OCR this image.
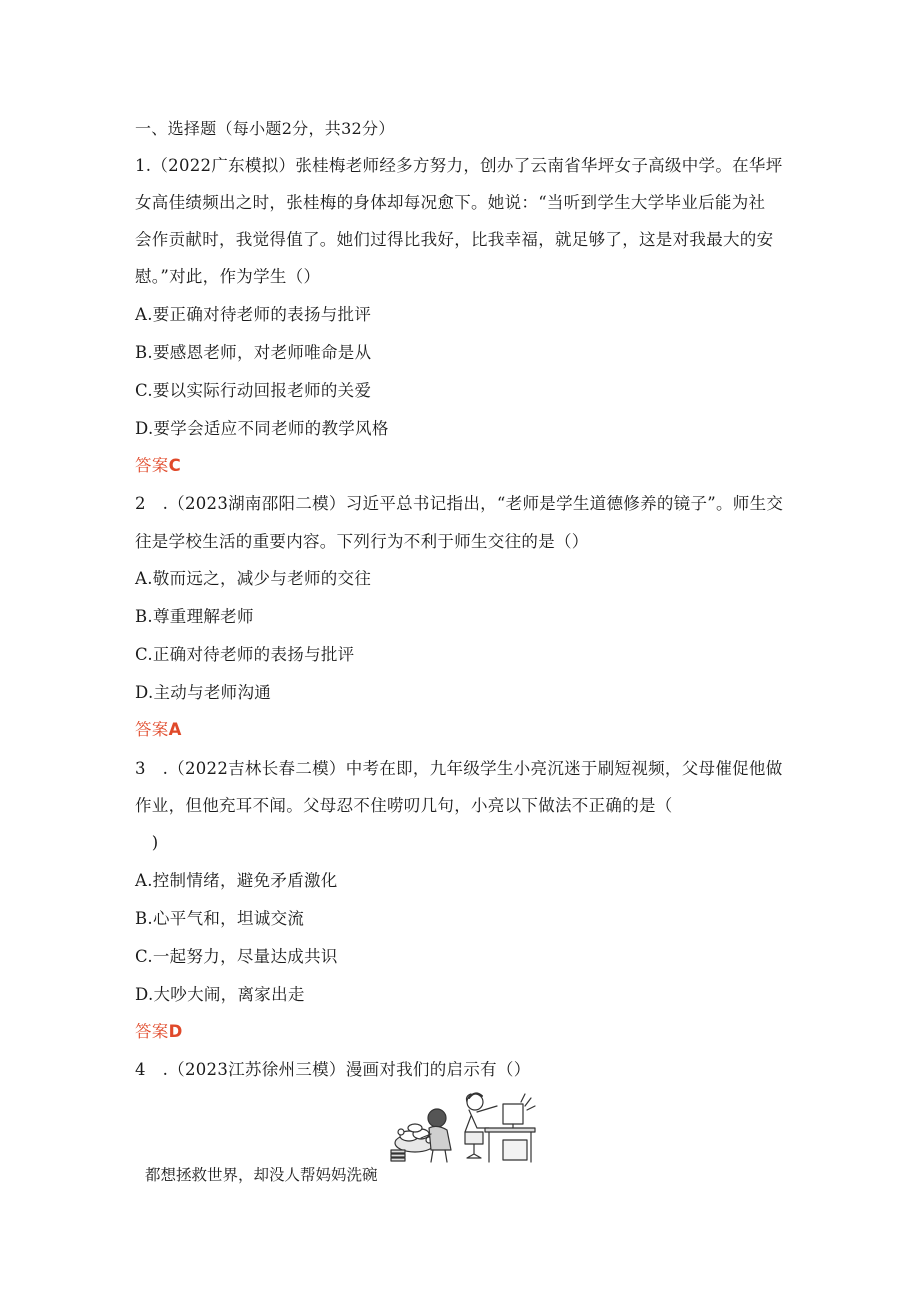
一、选择题（每小题2分，共32分）
1.（2022广东模拟）张桂梅老师经多方努力，创办了云南省华坪女子高级中学。在华坪
女高佳绩频出之时，张桂梅的身体却每况愈下。她说：“当听到学生大学毕业后能为社
会作贡献时，我觉得值了。她们过得比我好，比我幸福，就足够了，这是对我最大的安
慰。”对此，作为学生（）
A.要正确对待老师的表扬与批评
B.要感恩老师，对老师唯命是从
C.要以实际行动回报老师的关爱
D.要学会适应不同老师的教学风格
答案C
2　.（2023湖南邵阳二模）习近平总书记指出，“老师是学生道德修养的镜子”。师生交
往是学校生活的重要内容。下列行为不利于师生交往的是（）
A.敬而远之，减少与老师的交往
B.尊重理解老师
C.正确对待老师的表扬与批评
D.主动与老师沟通
答案A
3　.（2022吉林长春二模）中考在即，九年级学生小亮沉迷于刷短视频，父母催促他做
作业，但他充耳不闻。父母忍不住唠叨几句，小亮以下做法不正确的是（
　)
A.控制情绪，避免矛盾激化
B.心平气和，坦诚交流
C.一起努力，尽量达成共识
D.大吵大闹，离家出走
答案D
4　.（2023江苏徐州三模）漫画对我们的启示有（）
都想拯救世界，却没人帮妈妈洗碗
